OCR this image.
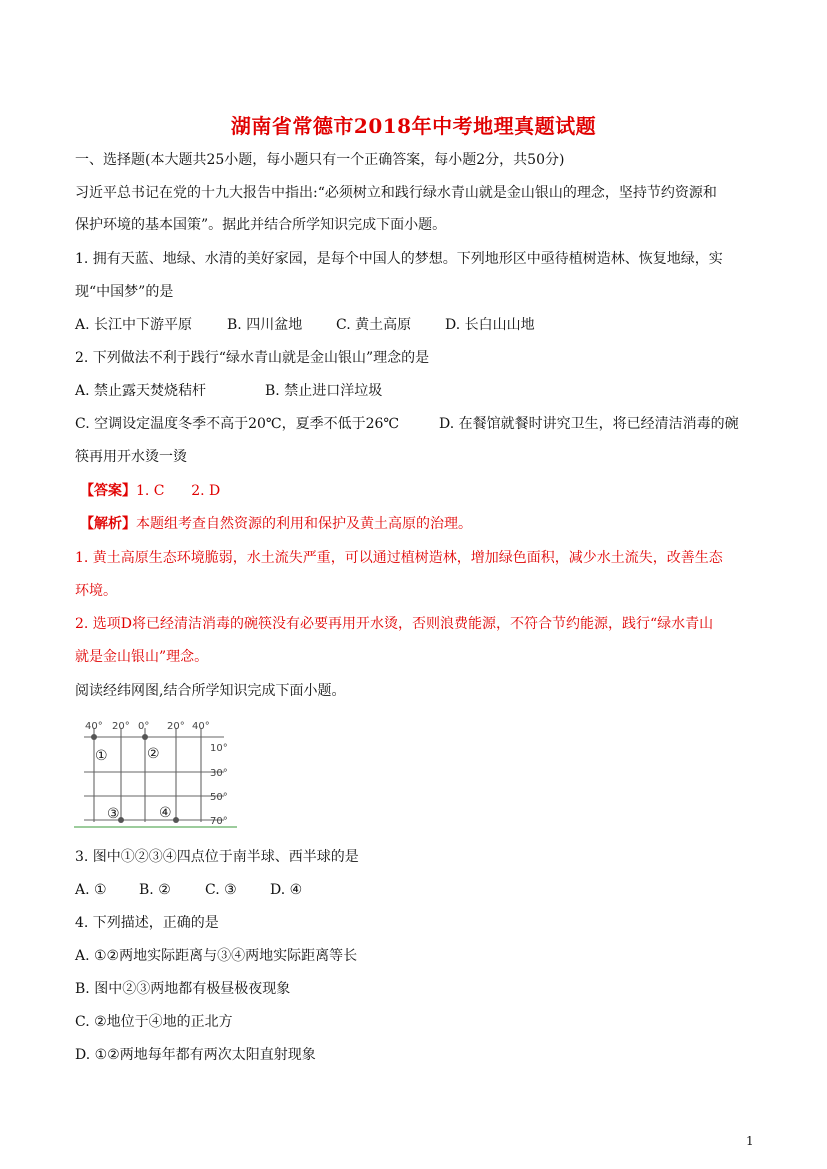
湖南省常德市2018年中考地理真题试题
一、选择题(本大题共25小题，每小题只有一个正确答案，每小题2分，共50分)
习近平总书记在党的十九大报告中指出:“必须树立和践行绿水青山就是金山银山的理念，坚持节约资源和
保护环境的基本国策”。据此并结合所学知识完成下面小题。
1. 拥有天蓝、地绿、水清的美好家园，是每个中国人的梦想。下列地形区中亟待植树造林、恢复地绿，实
现“中国梦”的是
A. 长江中下游平原 B. 四川盆地 C. 黄土高原 D. 长白山山地
2. 下列做法不利于践行“绿水青山就是金山银山”理念的是
A. 禁止露天焚烧秸杆	B. 禁止进口洋垃圾
C. 空调设定温度冬季不高于20℃，夏季不低于26℃	D. 在餐馆就餐时讲究卫生，将已经清洁消毒的碗
筷再用开水烫一烫
【答案】1. C      2. D
【解析】本题组考查自然资源的利用和保护及黄土高原的治理。
1. 黄土高原生态环境脆弱，水土流失严重，可以通过植树造林，增加绿色面积，减少水土流失，改善生态
环境。
2. 选项D将已经清洁消毒的碗筷没有必要再用开水烫，否则浪费能源，不符合节约能源，践行“绿水青山
就是金山银山”理念。
阅读经纬网图,结合所学知识完成下面小题。
40° 20° 0° 20° 40°
10°
30°
50°
70°
①	②
③	④
3. 图中①②③④四点位于南半球、西半球的是
A. ① B. ② C. ③ D. ④
4. 下列描述，正确的是
A. ①②两地实际距离与③④两地实际距离等长
B. 图中②③两地都有极昼极夜现象
C. ②地位于④地的正北方
D. ①②两地每年都有两次太阳直射现象
1
